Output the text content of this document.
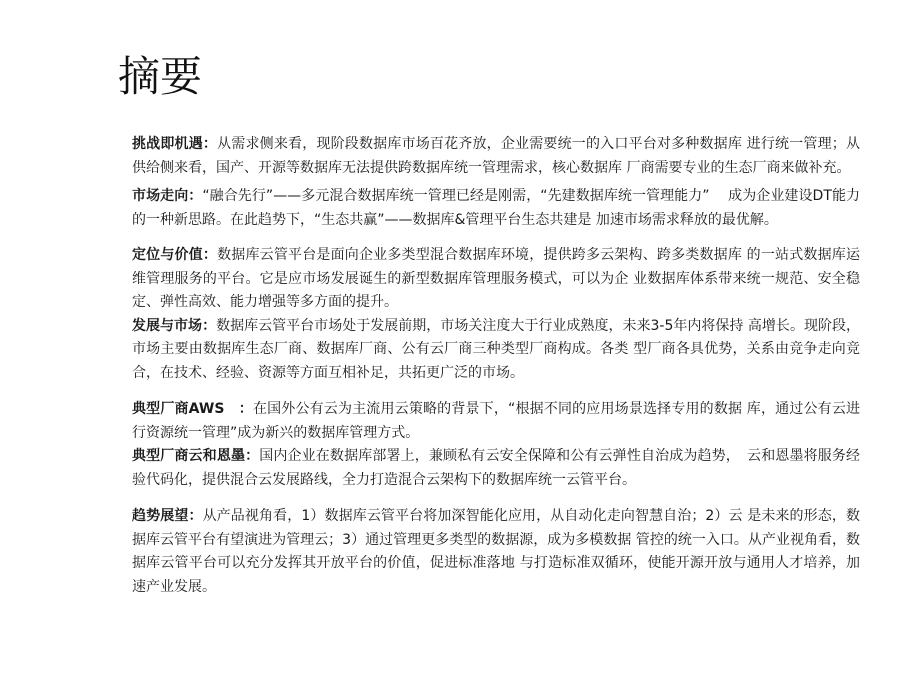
摘要

挑战即机遇：从需求侧来看，现阶段数据库市场百花齐放，企业需要统一的入口平台对多种数据库 进行统一管理；从供给侧来看，国产、开源等数据库无法提供跨数据库统一管理需求，核心数据库 厂商需要专业的生态厂商来做补充。

市场走向：“融合先行”——多元混合数据库统一管理已经是刚需，“先建数据库统一管理能力”　 成为企业建设DT能力的一种新思路。在此趋势下，“生态共赢”——数据库&管理平台生态共建是 加速市场需求释放的最优解。

定位与价值：数据库云管平台是面向企业多类型混合数据库环境，提供跨多云架构、跨多类数据库 的一站式数据库运维管理服务的平台。它是应市场发展诞生的新型数据库管理服务模式，可以为企 业数据库体系带来统一规范、安全稳定、弹性高效、能力增强等多方面的提升。

发展与市场：数据库云管平台市场处于发展前期，市场关注度大于行业成熟度，未来3-5年内将保持 高增长。现阶段，市场主要由数据库生态厂商、数据库厂商、公有云厂商三种类型厂商构成。各类 型厂商各具优势，关系由竞争走向竞合，在技术、经验、资源等方面互相补足，共拓更广泛的市场。

典型厂商AWS　：在国外公有云为主流用云策略的背景下，“根据不同的应用场景选择专用的数据 库，通过公有云进行资源统一管理”成为新兴的数据库管理方式。

典型厂商云和恩墨：国内企业在数据库部署上，兼顾私有云安全保障和公有云弹性自治成为趋势，　云和恩墨将服务经验代码化，提供混合云发展路线，全力打造混合云架构下的数据库统一云管平台。

趋势展望：从产品视角看，1）数据库云管平台将加深智能化应用，从自动化走向智慧自治；2）云 是未来的形态，数据库云管平台有望演进为管理云；3）通过管理更多类型的数据源，成为多模数据 管控的统一入口。从产业视角看，数据库云管平台可以充分发挥其开放平台的价值，促进标准落地 与打造标准双循环，使能开源开放与通用人才培养，加速产业发展。
